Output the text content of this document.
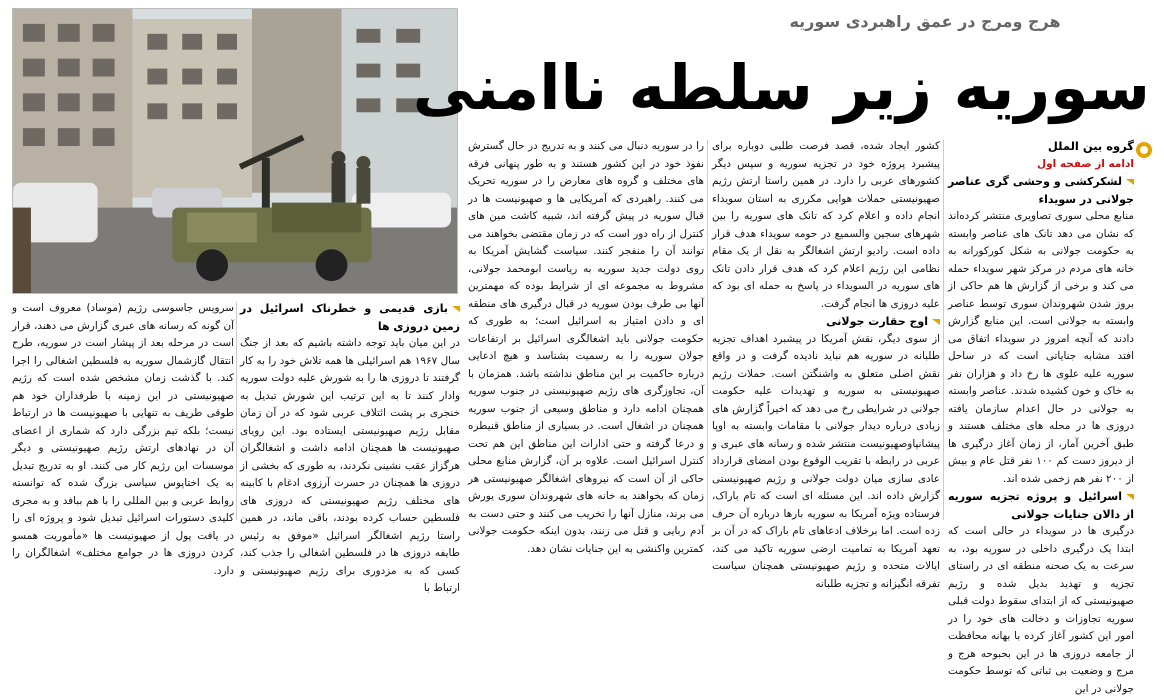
هرج ومرج در عمق راهبردی سوریه
سوریه زیر سلطه ناامنی
گروه بین الملل
ادامه از صفحه اول
لشکرکشی و وحشی گری عناصر جولانی در سویداء

منابع محلی سوری تصاویری منتشر کرده‌اند که نشان می دهد تانک های عناصر وابسته به حکومت جولانی به شکل کورکورانه به خانه های مردم در مرکز شهر سویداء حمله می کند و برخی از گزارش ها هم حاکی از بروز شدن شهروندان سوری توسط عناصر وابسته به جولانی است. این منابع گزارش دادند که آنچه امروز در سویداء اتفاق می افتد مشابه جنایاتی است که در ساحل سوریه علیه علوی ها رخ داد و هزاران نفر به خاک و خون کشیده شدند. عناصر وابسته به جولانی در حال اعدام سازمان یافته دروزی ها در محله های مختلف هستند و طبق آخرین آمار، از زمان آغاز درگیری ها از دیروز دست کم ۱۰۰ نفر قتل عام و بیش از ۲۰۰ نفر هم زخمی شده اند.

اسرائیل و پروژه تجزیه سوریه از دالان جنایات جولانی

درگیری ها در سویداء در حالی است که ابتدا یک درگیری داخلی در سوریه بود، به سرعت به یک صحنه منطقه ای در راستای تجزیه و تهدید بدیل شده و رژیم صهیونیستی که از ابتدای سقوط دولت قبلی سوریه تجاوزات و دخالت های خود را در امور این کشور آغاز کرده با بهانه محافظت از جامعه دروزی ها در این بحبوحه هرج و مرج و وضعیت بی ثباتی که توسط حکومت جولانی در این

کشور ایجاد شده، قصد فرصت طلبی دوباره برای پیشبرد پروژه خود در تجزیه سوریه و سپس دیگر کشورهای عربی را دارد. در همین راستا ارتش رژیم صهیونیستی حملات هوایی مکرری به استان سویداء انجام داده و اعلام کرد که تانک های سوریه را بین شهرهای سجین والسمیع در حومه سویداء هدف قرار داده است. رادیو ارتش اشغالگر به نقل از یک مقام نظامی این رژیم اعلام کرد که هدف قرار دادن تانک های سوریه در السویداء در پاسخ به حمله ای بود که علیه دروزی ها انجام گرفت.

اوج حقارت جولانی

از سوی دیگر، نقش آمریکا در پیشبرد اهداف تجزیه طلبانه در سوریه هم نباید نادیده گرفت و در واقع نقش اصلی متعلق به واشنگتن است. حملات رژیم صهیونیستی به سوریه و تهدیدات علیه حکومت جولانی در شرایطی رخ می دهد که اخیراً گزارش های زیادی درباره دیدار جولانی با مقامات وابسته به اوپا پیشانپاوصهیونیست منتشر شده و رسانه های عبری و عربی در رابطه با تقریب الوقوع بودن امضای قرارداد عادی سازی میان دولت جولانی و رژیم صهیونیستی گزارش داده اند. این مسئله ای است که تام باراک، فرستاده ویژه آمریکا به سوریه بارها درباره آن حرف زده است. اما برخلاف ادعاهای تام باراک که در آن بر تعهد آمریکا به تمامیت ارضی سوریه تاکید می کند، ایالات متحده و رژیم صهیونیستی همچنان سیاست تفرقه انگیزانه و تجزیه طلبانه

را در سوریه دنبال می کنند و به تدریج در حال گسترش نفوذ خود در این کشور هستند و به طور پنهانی فرقه های مختلف و گروه های معارض را در سوریه تحریک می کنند. راهبردی که آمریکایی ها و صهیونیست ها در قبال سوریه در پیش گرفته اند، شبیه کاشت مین های کنترل از راه دور است که در زمان مقتضی بخواهند می توانند آن را منفجر کنند. سیاست گشایش آمریکا به روی دولت جدید سوریه به ریاست ابومحمد جولانی، مشروط به مجموعه ای از شرایط بوده که مهمترین آنها بی طرف بودن سوریه در قبال درگیری های منطقه ای و دادن امتیاز به اسرائیل است؛ به طوری که حکومت جولانی باید اشغالگری اسرائیل بر ارتفاعات جولان سوریه را به رسمیت بشناسد و هیچ ادعایی درباره حاکمیت بر این مناطق نداشته باشد. همزمان با آن، تجاوزگری های رژیم صهیونیستی در جنوب سوریه همچنان ادامه دارد و مناطق وسیعی از جنوب سوریه همچنان در اشغال است. در بسیاری از مناطق قنیطره و درعا گرفته و حتی ادارات این مناطق این هم تحت کنترل اسرائیل است. علاوه بر آن، گزارش منابع محلی حاکی از آن است که نیروهای اشغالگر صهیونیستی هر زمان که بخواهند به خانه های شهروندان سوری یورش می برند، منازل آنها را تخریب می کنند و حتی دست به آدم ربایی و قتل می زنند، بدون اینکه حکومت جولانی کمترین واکنشی به این جنایات نشان دهد.

بازی قدیمی و خطرناک اسرائیل در زمین دروزی ها

در این میان باید توجه داشته باشیم که بعد از جنگ سال ۱۹۶۷ هم اسرائیلی ها همه تلاش خود را به کار گرفتند تا دروزی ها را به شورش علیه دولت سوریه وادار کنند تا به این ترتیب این شورش تبدیل به خنجری بر پشت ائتلاف عربی شود که در آن زمان مقابل رژیم صهیونیستی ایستاده بود. این رویای صهیونیست ها همچنان ادامه داشت و اشغالگران هرگزاز عقب نشینی نکردند، به طوری که بخشی از دروزی ها همچنان در حسرت آرزوی ادغام با کابینه های مختلف رژیم صهیونیستی که دروزی های فلسطین حساب کرده بودند، باقی ماند، در همین راستا رژیم اشغالگر اسرائیل «موفق به رئیس طایفه دروزی ها در فلسطین اشغالی را جذب کند، کسی که به مزدوری برای رژیم صهیونیستی و ارتباط با

سرویس جاسوسی رژیم (موساد) معروف است و آن گونه که رسانه های عبری گزارش می دهند، قرار است در مرحله بعد از پیشار است در سوریه، طرح انتقال گازشمال سوریه به فلسطین اشغالی را اجرا کند. با گذشت زمان مشخص شده است که رژیم صهیونیستی در این زمینه با طرفداران خود هم طوقی طریف به تنهایی با صهیونیست ها در ارتباط نیست؛ بلکه تیم بزرگی دارد که شماری از اعضای آن در نهادهای ارتش رژیم صهیونیستی و دیگر موسسات این رژیم کار می کنند. او به تدریج تبدیل به یک اختاپوس سیاسی بزرگ شده که توانسته روابط عربی و بین المللی را با هم ببافد و به مجری کلیدی دستورات اسرائیل تبدیل شود و پروژه ای را در یافت پول از صهیونیست ها «مأموریت همسو کردن دروزی ها در جوامع مختلف» اشغالگران را دارد.
